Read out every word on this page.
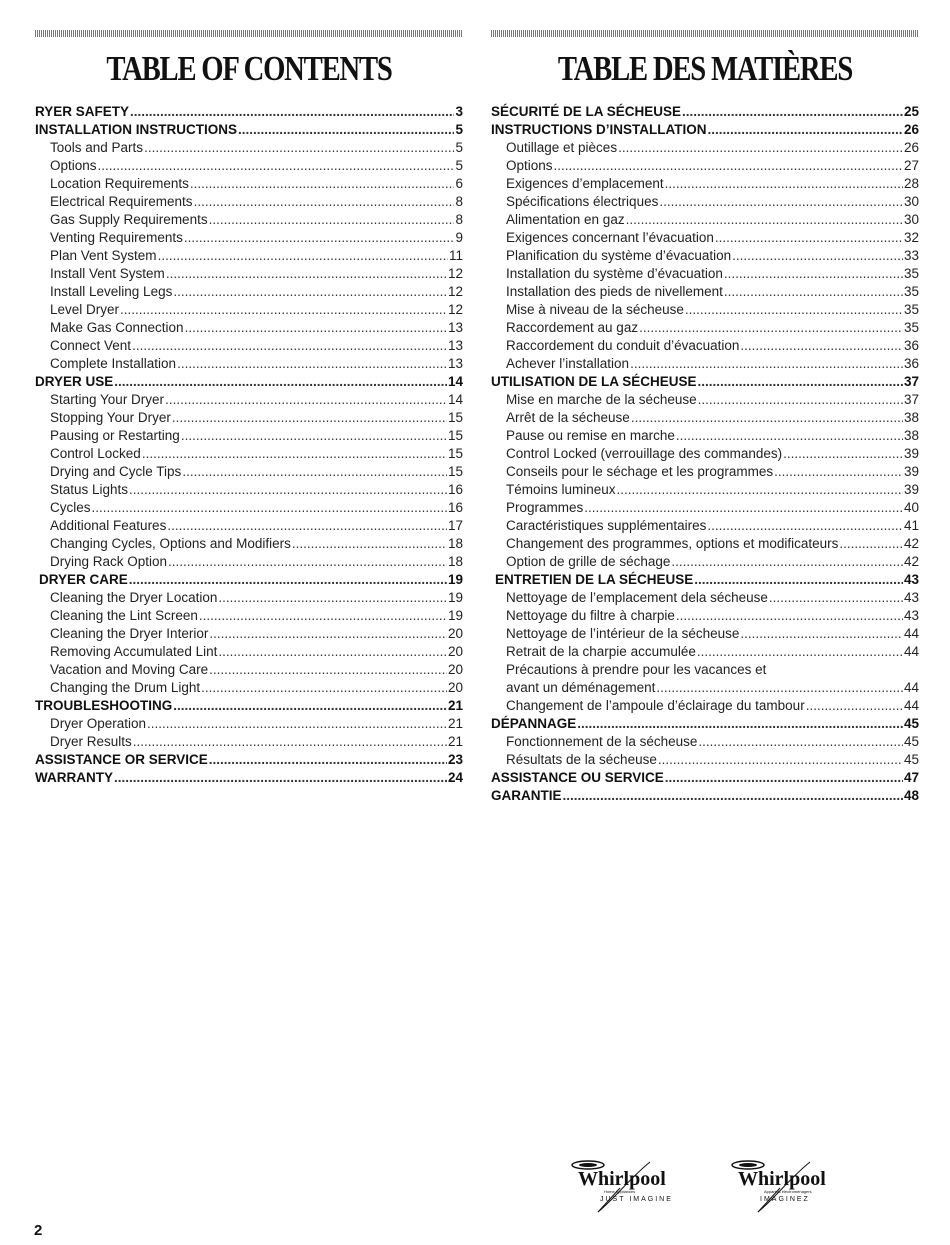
TABLE OF CONTENTS
RYER SAFETY .....	3
INSTALLATION INSTRUCTIONS .....	5
Tools and Parts .....	5
Options .....	5
Location Requirements .....	6
Electrical Requirements .....	8
Gas Supply Requirements .....	8
Venting Requirements .....	9
Plan Vent System .....	11
Install Vent System .....	12
Install Leveling Legs .....	12
Level Dryer .....	12
Make Gas Connection .....	13
Connect Vent .....	13
Complete Installation .....	13
DRYER USE .....	14
Starting Your Dryer .....	14
Stopping Your Dryer .....	15
Pausing or Restarting .....	15
Control Locked .....	15
Drying and Cycle Tips .....	15
Status Lights .....	16
Cycles .....	16
Additional Features .....	17
Changing Cycles, Options and Modifiers .....	18
Drying Rack Option .....	18
DRYER CARE .....	19
Cleaning the Dryer Location .....	19
Cleaning the Lint Screen .....	19
Cleaning the Dryer Interior .....	20
Removing Accumulated Lint .....	20
Vacation and Moving Care .....	20
Changing the Drum Light .....	20
TROUBLESHOOTING .....	21
Dryer Operation .....	21
Dryer Results .....	21
ASSISTANCE OR SERVICE .....	23
WARRANTY .....	24
TABLE DES MATIÈRES
SÉCURITÉ DE LA SÉCHEUSE .....	25
INSTRUCTIONS D’INSTALLATION .....	26
Outillage et pièces .....	26
Options .....	27
Exigences d’emplacement .....	28
Spécifications électriques .....	30
Alimentation en gaz .....	30
Exigences concernant l’évacuation .....	32
Planification du système d’évacuation .....	33
Installation du système d’évacuation .....	35
Installation des pieds de nivellement .....	35
Mise à niveau de la sécheuse .....	35
Raccordement au gaz .....	35
Raccordement du conduit d’évacuation .....	36
Achever l’installation .....	36
UTILISATION DE LA SÉCHEUSE .....	37
Mise en marche de la sécheuse .....	37
Arrêt de la sécheuse .....	38
Pause ou remise en marche .....	38
Control Locked (verrouillage des commandes) .....	39
Conseils pour le séchage et les programmes .....	39
Témoins lumineux .....	39
Programmes .....	40
Caractéristiques supplémentaires .....	41
Changement des programmes, options et modificateurs .....	42
Option de grille de séchage .....	42
ENTRETIEN DE LA SÉCHEUSE .....	43
Nettoyage de l’emplacement dela sécheuse .....	43
Nettoyage du filtre à charpie .....	43
Nettoyage de l’intérieur de la sécheuse .....	44
Retrait de la charpie accumulée .....	44
Précautions à prendre pour les vacances et
avant un déménagement .....	44
Changement de l’ampoule d’éclairage du tambour .....	44
DÉPANNAGE .....	45
Fonctionnement de la sécheuse .....	45
Résultats de la sécheuse .....	45
ASSISTANCE OU SERVICE .....	47
GARANTIE .....	48
Whirlpool
JUST IMAGINE
Home Appliances
Whirlpool
IMAGINEZ
Appareils électroménagers
2
